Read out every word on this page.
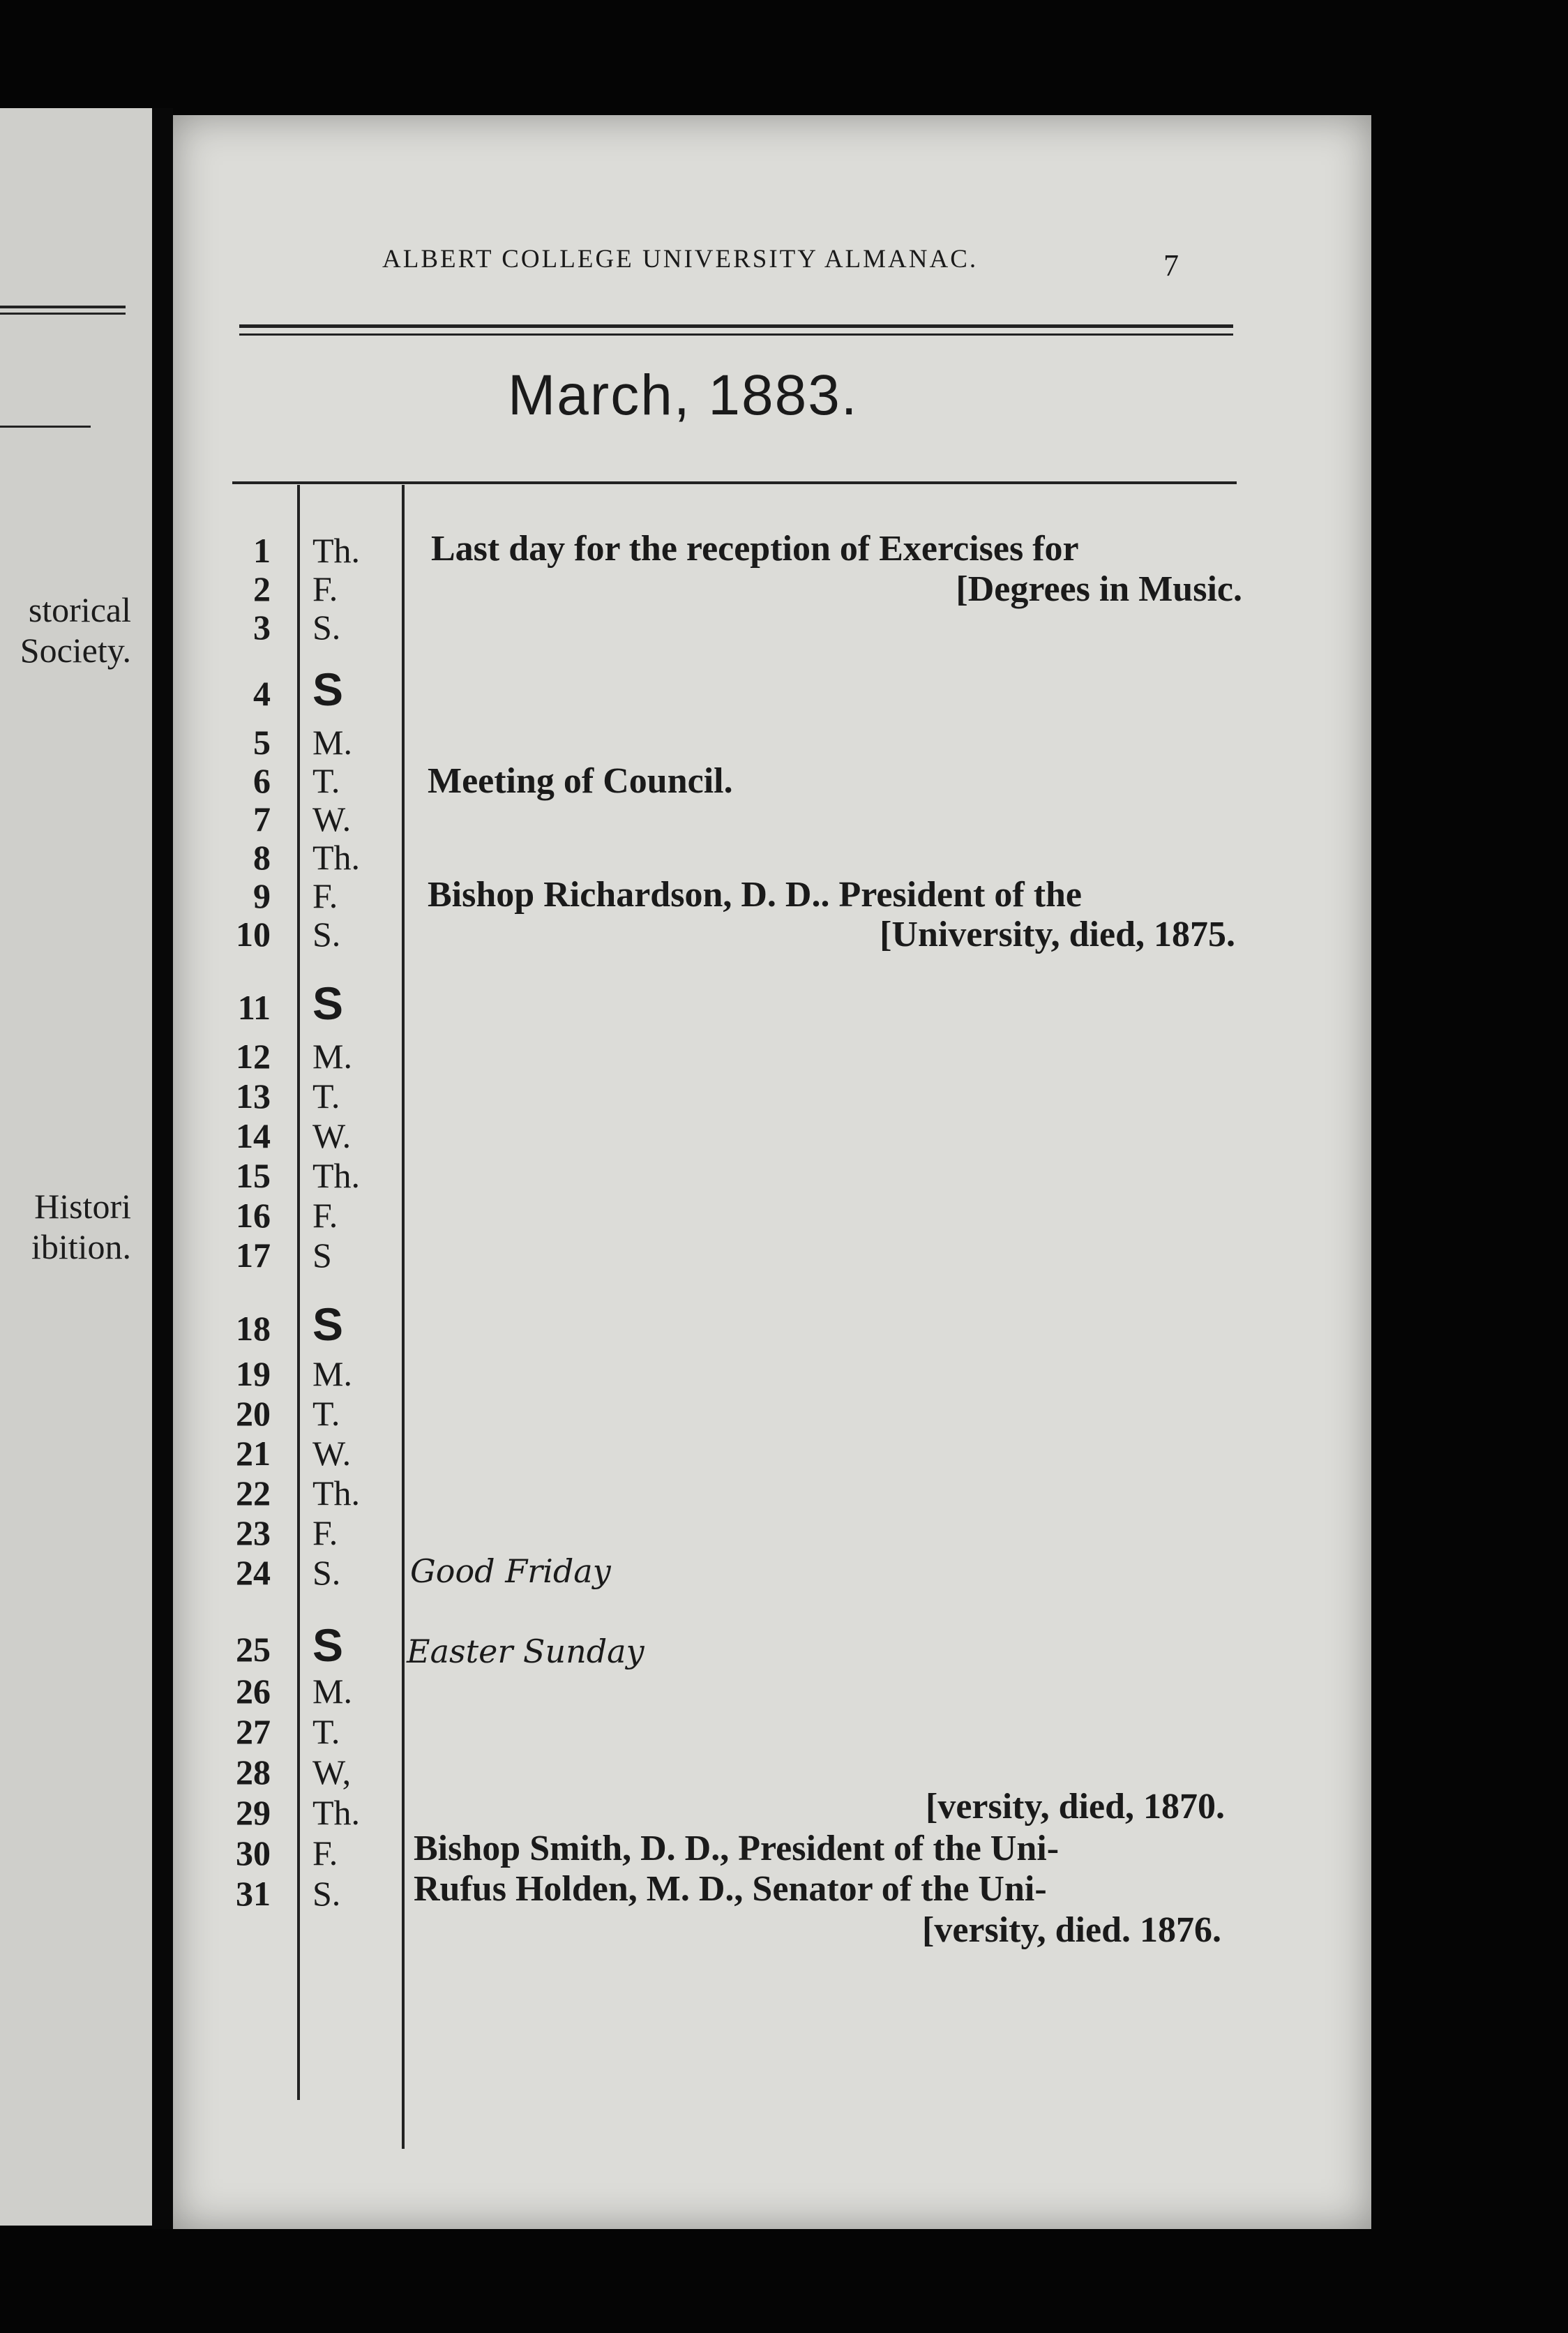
storical
Society.
Histori
ibition.
ALBERT COLLEGE UNIVERSITY ALMANAC.	7
March, 1883.
1 Th.
2 F.
3 S.
4 S
5 M.
6 T.
7 W.
8 Th.
9 F.
10 S.
11 S
12 M.
13 T.
14 W.
15 Th.
16 F.
17 S
18 S
19 M.
20 T.
21 W.
22 Th.
23 F.
24 S.
25 S
26 M.
27 T.
28 W,
29 Th.
30 F.
31 S.
Last day for the reception of Exercises for
[Degrees in Music.
Meeting of Council.
Bishop Richardson, D. D.. President of the
[University, died, 1875.
Good Friday
Easter Sunday
[versity, died, 1870.
Bishop Smith, D. D., President of the Uni-
Rufus Holden, M. D., Senator of the Uni-
[versity, died. 1876.
